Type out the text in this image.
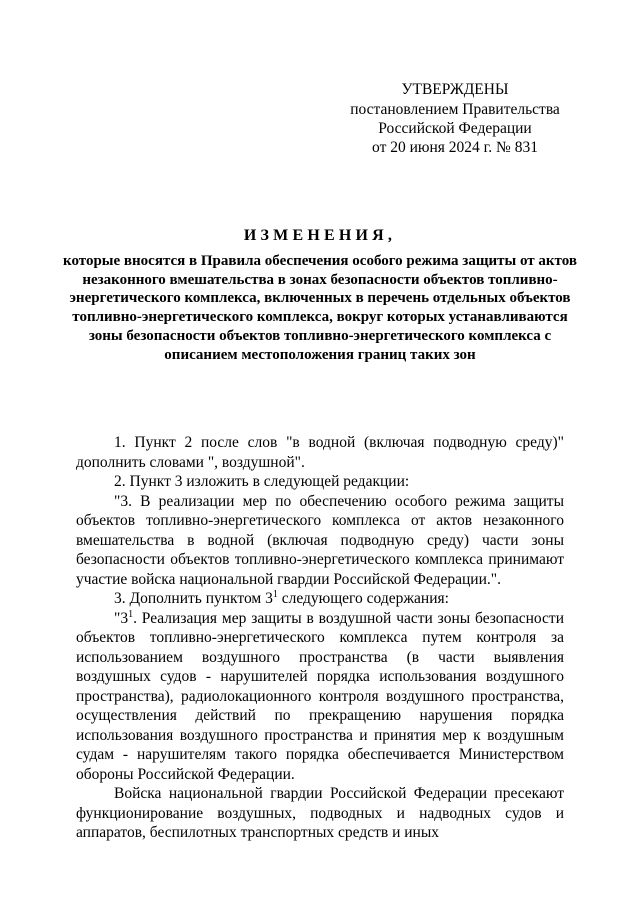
УТВЕРЖДЕНЫ
постановлением Правительства
Российской Федерации
от 20 июня 2024 г. № 831
ИЗМЕНЕНИЯ,
которые вносятся в Правила обеспечения особого режима защиты от актов незаконного вмешательства в зонах безопасности объектов топливно-энергетического комплекса, включенных в перечень отдельных объектов топливно-энергетического комплекса, вокруг которых устанавливаются зоны безопасности объектов топливно-энергетического комплекса с описанием местоположения границ таких зон

1. Пункт 2 после слов "в водной (включая подводную среду)" дополнить словами ", воздушной".

2. Пункт 3 изложить в следующей редакции:

"3. В реализации мер по обеспечению особого режима защиты объектов топливно-энергетического комплекса от актов незаконного вмешательства в водной (включая подводную среду) части зоны безопасности объектов топливно-энергетического комплекса принимают участие войска национальной гвардии Российской Федерации.".

3. Дополнить пунктом $3^1$ следующего содержания:

"$3^1$. Реализация мер защиты в воздушной части зоны безопасности объектов топливно-энергетического комплекса путем контроля за использованием воздушного пространства (в части выявления воздушных судов - нарушителей порядка использования воздушного пространства), радиолокационного контроля воздушного пространства, осуществления действий по прекращению нарушения порядка использования воздушного пространства и принятия мер к воздушным судам - нарушителям такого порядка обеспечивается Министерством обороны Российской Федерации.

Войска национальной гвардии Российской Федерации пресекают функционирование воздушных, подводных и надводных судов и аппаратов, беспилотных транспортных средств и иных
